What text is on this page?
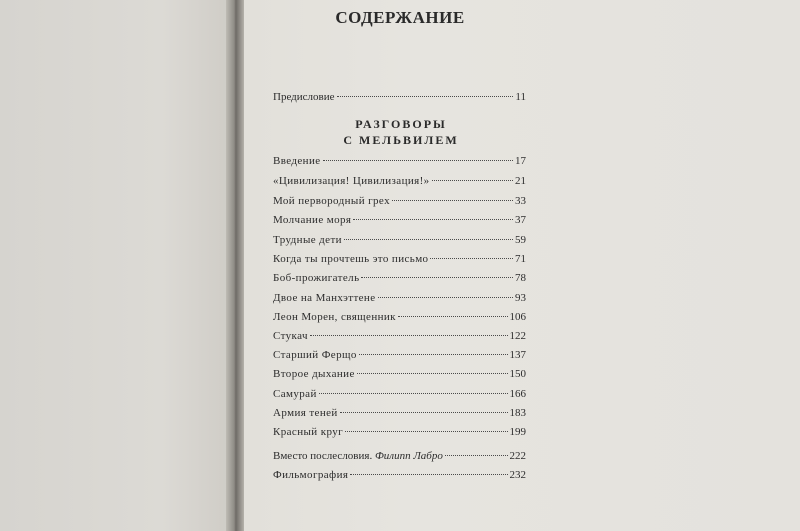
СОДЕРЖАНИЕ
Предисловие	11
РАЗГОВОРЫ
С МЕЛЬВИЛЕМ
Введение	17
«Цивилизация! Цивилизация!»	21
Мой первородный грех	33
Молчание моря	37
Трудные дети	59
Когда ты прочтешь это письмо	71
Боб-прожигатель	78
Двое на Манхэттене	93
Леон Морен, священник	106
Стукач	122
Старший Ферщо	137
Второе дыхание	150
Самурай	166
Армия теней	183
Красный круг	199
Вместо послесловия. Филипп Лабро	222
Фильмография	232
